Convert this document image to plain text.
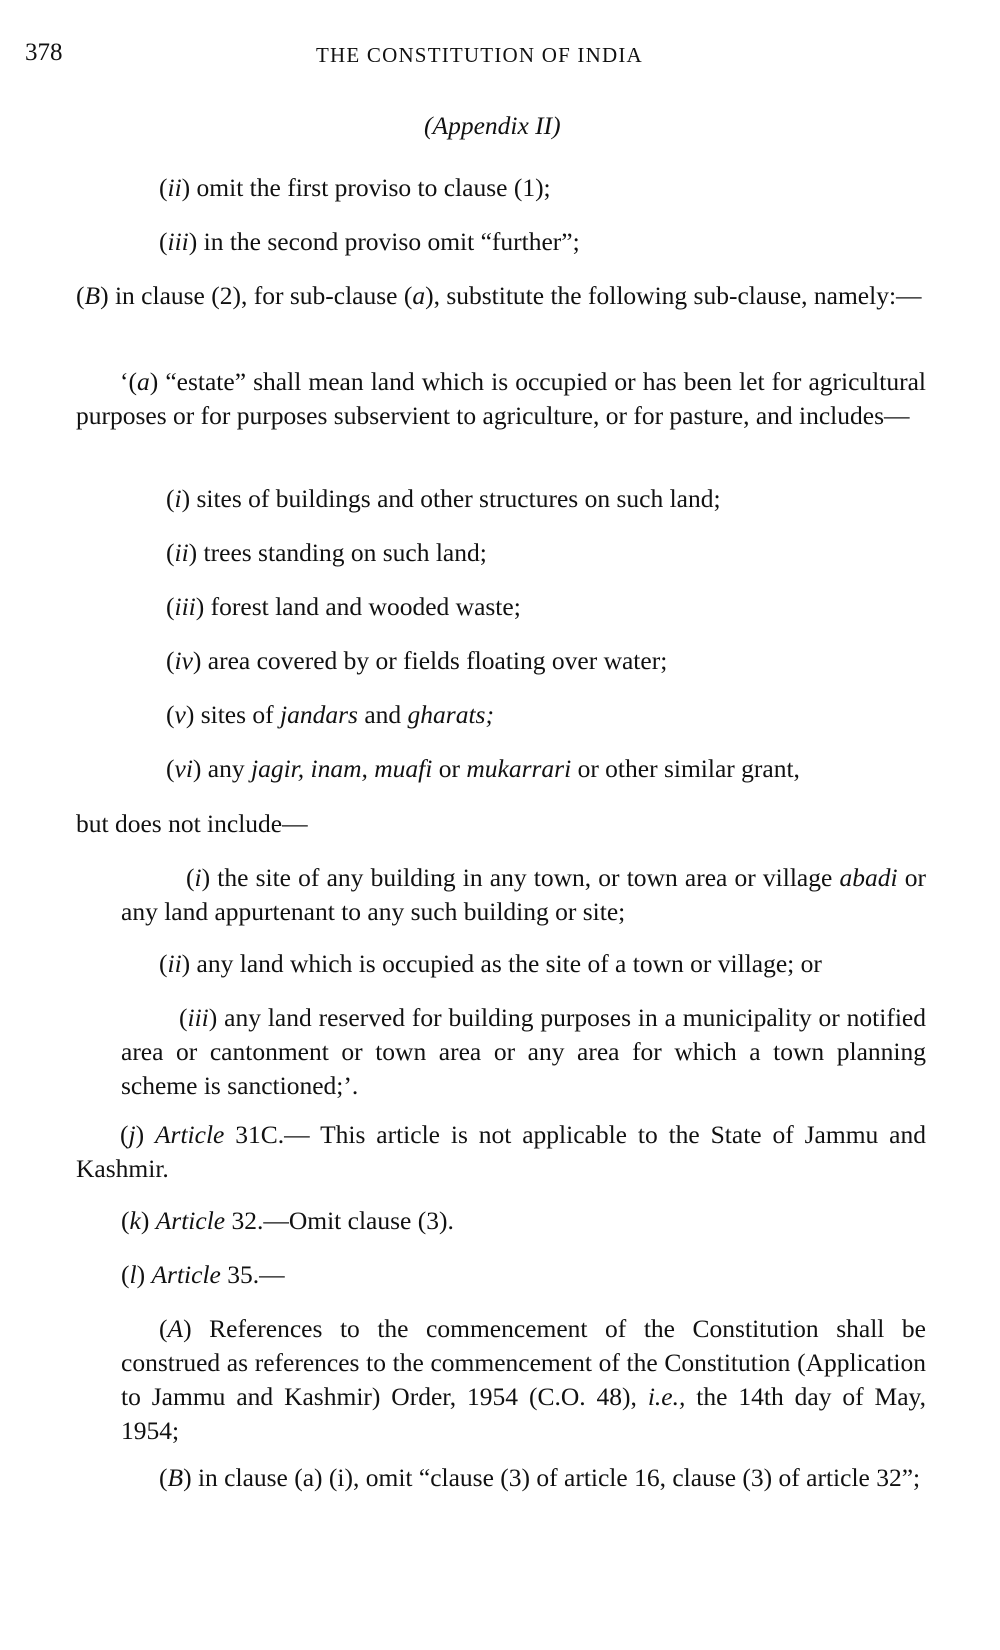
378	THE CONSTITUTION OF INDIA
(Appendix II)

(ii) omit the first proviso to clause (1);

(iii) in the second proviso omit “further”;

(B) in clause (2), for sub-clause (a), substitute the following sub-clause, namely:—

‘(a) “estate” shall mean land which is occupied or has been let for agricultural purposes or for purposes subservient to agriculture, or for pasture, and includes—

(i) sites of buildings and other structures on such land;

(ii) trees standing on such land;

(iii) forest land and wooded waste;

(iv) area covered by or fields floating over water;

(v) sites of jandars and gharats;

(vi) any jagir, inam, muafi or mukarrari or other similar grant,

but does not include—

(i) the site of any building in any town, or town area or village abadi or any land appurtenant to any such building or site;

(ii) any land which is occupied as the site of a town or village; or

(iii) any land reserved for building purposes in a municipality or notified area or cantonment or town area or any area for which a town planning scheme is sanctioned;’.

(j) Article 31C.— This article is not applicable to the State of Jammu and Kashmir.

(k) Article 32.—Omit clause (3).

(l) Article 35.—

(A) References to the commencement of the Constitution shall be construed as references to the commencement of the Constitution (Application to Jammu and Kashmir) Order, 1954 (C.O. 48), i.e., the 14th day of May, 1954;

(B) in clause (a) (i), omit “clause (3) of article 16, clause (3) of article 32”;
